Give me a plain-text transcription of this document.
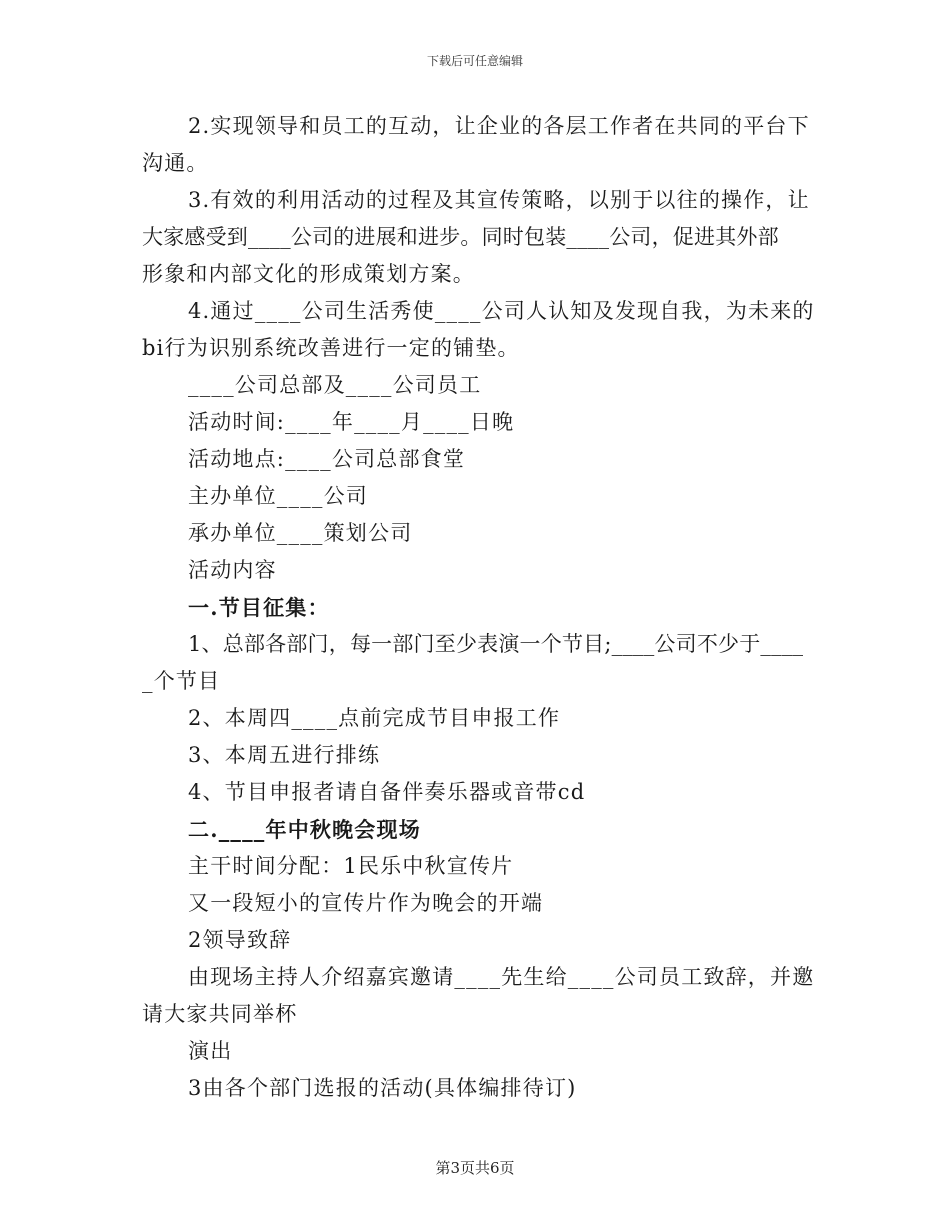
下载后可任意编辑
2.实现领导和员工的互动，让企业的各层工作者在共同的平台下
沟通。
3.有效的利用活动的过程及其宣传策略，以别于以往的操作，让
大家感受到____公司的进展和进步。同时包装____公司，促进其外部
形象和内部文化的形成策划方案。
4.通过____公司生活秀使____公司人认知及发现自我，为未来的
bi行为识别系统改善进行一定的铺垫。
____公司总部及____公司员工
活动时间:____年____月____日晚
活动地点:____公司总部食堂
主办单位____公司
承办单位____策划公司
活动内容
一.节目征集：
1、总部各部门，每一部门至少表演一个节目;____公司不少于____
_个节目
2、本周四____点前完成节目申报工作
3、本周五进行排练
4、节目申报者请自备伴奏乐器或音带cd
二.____年中秋晚会现场
主干时间分配：1民乐中秋宣传片
又一段短小的宣传片作为晚会的开端
2领导致辞
由现场主持人介绍嘉宾邀请____先生给____公司员工致辞，并邀
请大家共同举杯
演出
3由各个部门选报的活动(具体编排待订)
第3页共6页
